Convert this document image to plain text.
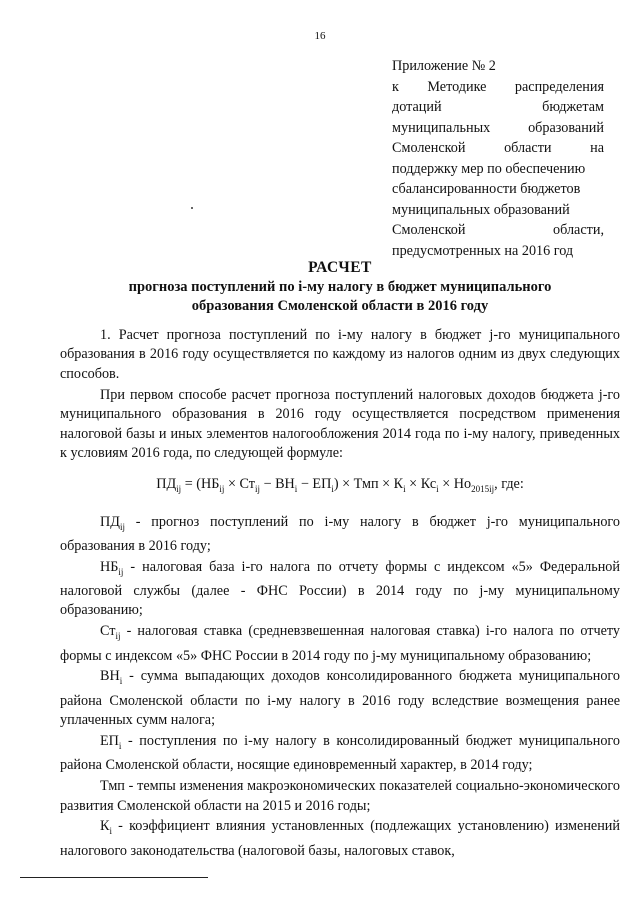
16
Приложение № 2
к Методике распределения
дотаций бюджетам
муниципальных образований
Смоленской области на
поддержку мер по обеспечению
сбалансированности бюджетов
муниципальных образований
Смоленской области,
предусмотренных на 2016 год
РАСЧЕТ
прогноза поступлений по i-му налогу в бюджет муниципального
образования Смоленской области в 2016 году

1. Расчет прогноза поступлений по i-му налогу в бюджет j-го муниципального образования в 2016 году осуществляется по каждому из налогов одним из двух следующих способов.

При первом способе расчет прогноза поступлений налоговых доходов бюджета j-го муниципального образования в 2016 году осуществляется посредством применения налоговой базы и иных элементов налогообложения 2014 года по i-му налогу, приведенных к условиям 2016 года, по следующей формуле:

$ПД_{ij} = (НБ_{ij} \times Ст_{ij} - ВН_i - ЕП_i)$ × Тмп × $К_i \times Кс_i \times Но_{2015ij}$, где:

$ПД_{ij}$ - прогноз поступлений по i-му налогу в бюджет j-го муниципального образования в 2016 году;

$НБ_{ij}$ - налоговая база i-го налога по отчету формы с индексом «5» Федеральной налоговой службы (далее - ФНС России) в 2014 году по j-му муниципальному образованию;

$Ст_{ij}$ - налоговая ставка (средневзвешенная налоговая ставка) i-го налога по отчету формы с индексом «5» ФНС России в 2014 году по j-му муниципальному образованию;

$ВН_i$ - сумма выпадающих доходов консолидированного бюджета муниципального района Смоленской области по i-му налогу в 2016 году вследствие возмещения ранее уплаченных сумм налога;

$ЕП_i$ - поступления по i-му налогу в консолидированный бюджет муниципального района Смоленской области, носящие единовременный характер, в 2014 году;

Тмп - темпы изменения макроэкономических показателей социально-экономического развития Смоленской области на 2015 и 2016 годы;

$К_i$ - коэффициент влияния установленных (подлежащих установлению) изменений налогового законодательства (налоговой базы, налоговых ставок,
